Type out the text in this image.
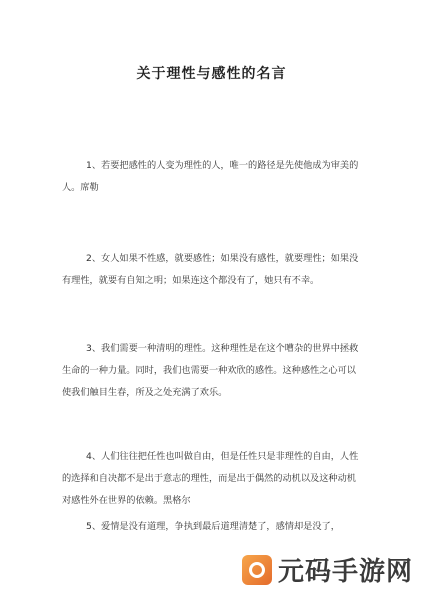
关于理性与感性的名言
1、若要把感性的人变为理性的人，唯一的路径是先使他成为审美的人。席勒
2、女人如果不性感，就要感性；如果没有感性，就要理性；如果没有理性，就要有自知之明；如果连这个都没有了，她只有不幸。
3、我们需要一种清明的理性。这种理性是在这个嘈杂的世界中拯救生命的一种力量。同时，我们也需要一种欢欣的感性。这种感性之心可以使我们触目生春，所及之处充满了欢乐。
4、人们往往把任性也叫做自由，但是任性只是非理性的自由，人性的选择和自决都不是出于意志的理性，而是出于偶然的动机以及这种动机对感性外在世界的依赖。黑格尔
5、爱情是没有道理，争执到最后道理清楚了，感情却是没了，
元码手游网
